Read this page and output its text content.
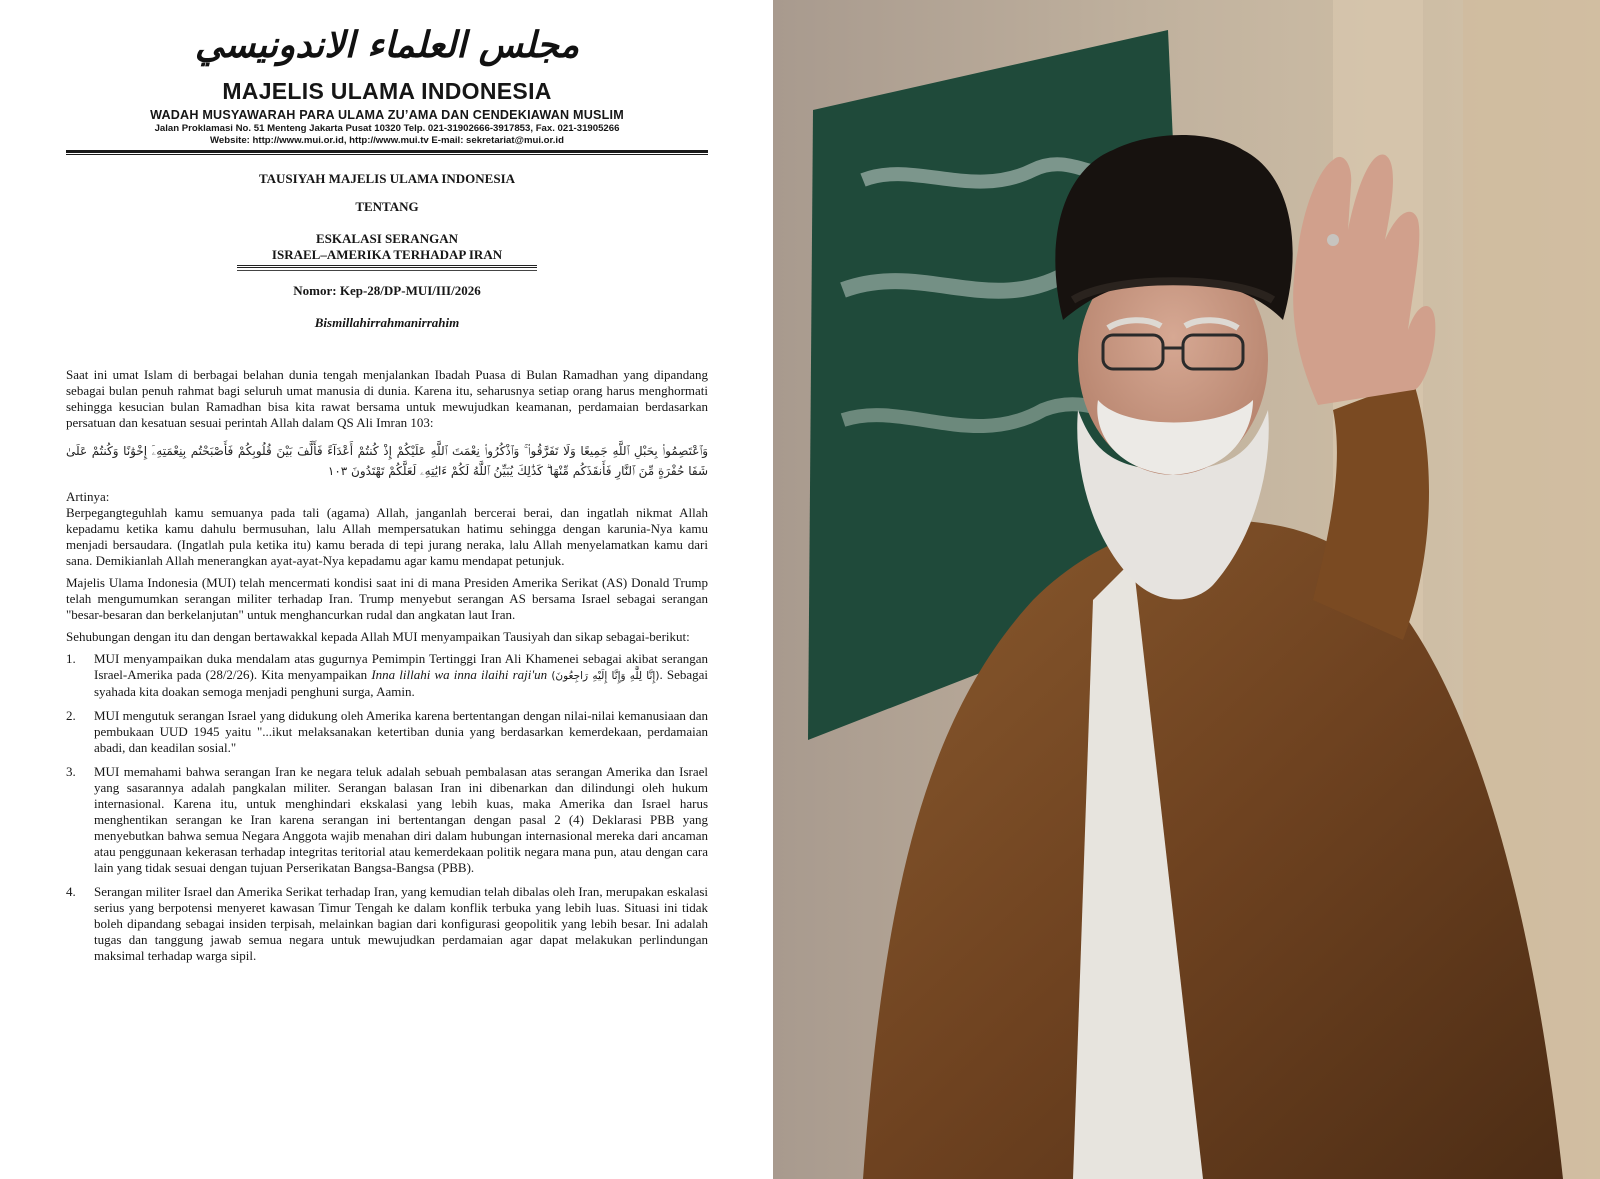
مجلس العلماء الاندونيسي
MAJELIS ULAMA INDONESIA
WADAH MUSYAWARAH PARA ULAMA ZU’AMA DAN CENDEKIAWAN MUSLIM
Jalan Proklamasi No. 51 Menteng Jakarta Pusat 10320 Telp. 021-31902666-3917853, Fax. 021-31905266
Website: http://www.mui.or.id, http://www.mui.tv E-mail: sekretariat@mui.or.id
TAUSIYAH MAJELIS ULAMA INDONESIA
TENTANG
ESKALASI SERANGAN
ISRAEL–AMERIKA TERHADAP IRAN
Nomor: Kep-28/DP-MUI/III/2026
Bismillahirrahmanirrahim

Saat ini umat Islam di berbagai belahan dunia tengah menjalankan Ibadah Puasa di Bulan Ramadhan yang dipandang sebagai bulan penuh rahmat bagi seluruh umat manusia di dunia. Karena itu, seharusnya setiap orang harus menghormati sehingga kesucian bulan Ramadhan bisa kita rawat bersama untuk mewujudkan keamanan, perdamaian berdasarkan persatuan dan kesatuan sesuai perintah Allah dalam QS Ali Imran 103:

وَٱعْتَصِمُوا۟ بِحَبْلِ ٱللَّهِ جَمِيعًا وَلَا تَفَرَّقُوا۟ ۚ وَٱذْكُرُوا۟ نِعْمَتَ ٱللَّهِ عَلَيْكُمْ إِذْ كُنتُمْ أَعْدَآءً فَأَلَّفَ بَيْنَ قُلُوبِكُمْ فَأَصْبَحْتُم بِنِعْمَتِهِۦٓ إِخْوَٰنًا وَكُنتُمْ عَلَىٰ شَفَا حُفْرَةٍ مِّنَ ٱلنَّارِ فَأَنقَذَكُم مِّنْهَا ۗ كَذَٰلِكَ يُبَيِّنُ ٱللَّهُ لَكُمْ ءَايَٰتِهِۦ لَعَلَّكُمْ تَهْتَدُونَ ١٠٣
Artinya:

Berpegangteguhlah kamu semuanya pada tali (agama) Allah, janganlah bercerai berai, dan ingatlah nikmat Allah kepadamu ketika kamu dahulu bermusuhan, lalu Allah mempersatukan hatimu sehingga dengan karunia-Nya kamu menjadi bersaudara. (Ingatlah pula ketika itu) kamu berada di tepi jurang neraka, lalu Allah menyelamatkan kamu dari sana. Demikianlah Allah menerangkan ayat-ayat-Nya kepadamu agar kamu mendapat petunjuk.

Majelis Ulama Indonesia (MUI) telah mencermati kondisi saat ini di mana Presiden Amerika Serikat (AS) Donald Trump telah mengumumkan serangan militer terhadap Iran. Trump menyebut serangan AS bersama Israel sebagai serangan "besar-besaran dan berkelanjutan" untuk menghancurkan rudal dan angkatan laut Iran.

Sehubungan dengan itu dan dengan bertawakkal kepada Allah MUI menyampaikan Tausiyah dan sikap sebagai-berikut:

1. MUI menyampaikan duka mendalam atas gugurnya Pemimpin Tertinggi Iran Ali Khamenei sebagai akibat serangan Israel-Amerika pada (28/2/26). Kita menyampaikan Inna lillahi wa inna ilaihi raji'un (إِنَّا لِلَّٰهِ وَإِنَّا إِلَيْهِ رَاجِعُونَ). Sebagai syahada kita doakan semoga menjadi penghuni surga, Aamin.
2. MUI mengutuk serangan Israel yang didukung oleh Amerika karena bertentangan dengan nilai-nilai kemanusiaan dan pembukaan UUD 1945 yaitu "...ikut melaksanakan ketertiban dunia yang berdasarkan kemerdekaan, perdamaian abadi, dan keadilan sosial."
3. MUI memahami bahwa serangan Iran ke negara teluk adalah sebuah pembalasan atas serangan Amerika dan Israel yang sasarannya adalah pangkalan militer. Serangan balasan Iran ini dibenarkan dan dilindungi oleh hukum internasional. Karena itu, untuk menghindari ekskalasi yang lebih kuas, maka Amerika dan Israel harus menghentikan serangan ke Iran karena serangan ini bertentangan dengan pasal 2 (4) Deklarasi PBB yang menyebutkan bahwa semua Negara Anggota wajib menahan diri dalam hubungan internasional mereka dari ancaman atau penggunaan kekerasan terhadap integritas teritorial atau kemerdekaan politik negara mana pun, atau dengan cara lain yang tidak sesuai dengan tujuan Perserikatan Bangsa-Bangsa (PBB).
4. Serangan militer Israel dan Amerika Serikat terhadap Iran, yang kemudian telah dibalas oleh Iran, merupakan eskalasi serius yang berpotensi menyeret kawasan Timur Tengah ke dalam konflik terbuka yang lebih luas. Situasi ini tidak boleh dipandang sebagai insiden terpisah, melainkan bagian dari konfigurasi geopolitik yang lebih besar. Ini adalah tugas dan tanggung jawab semua negara untuk mewujudkan perdamaian agar dapat melakukan perlindungan maksimal terhadap warga sipil.
